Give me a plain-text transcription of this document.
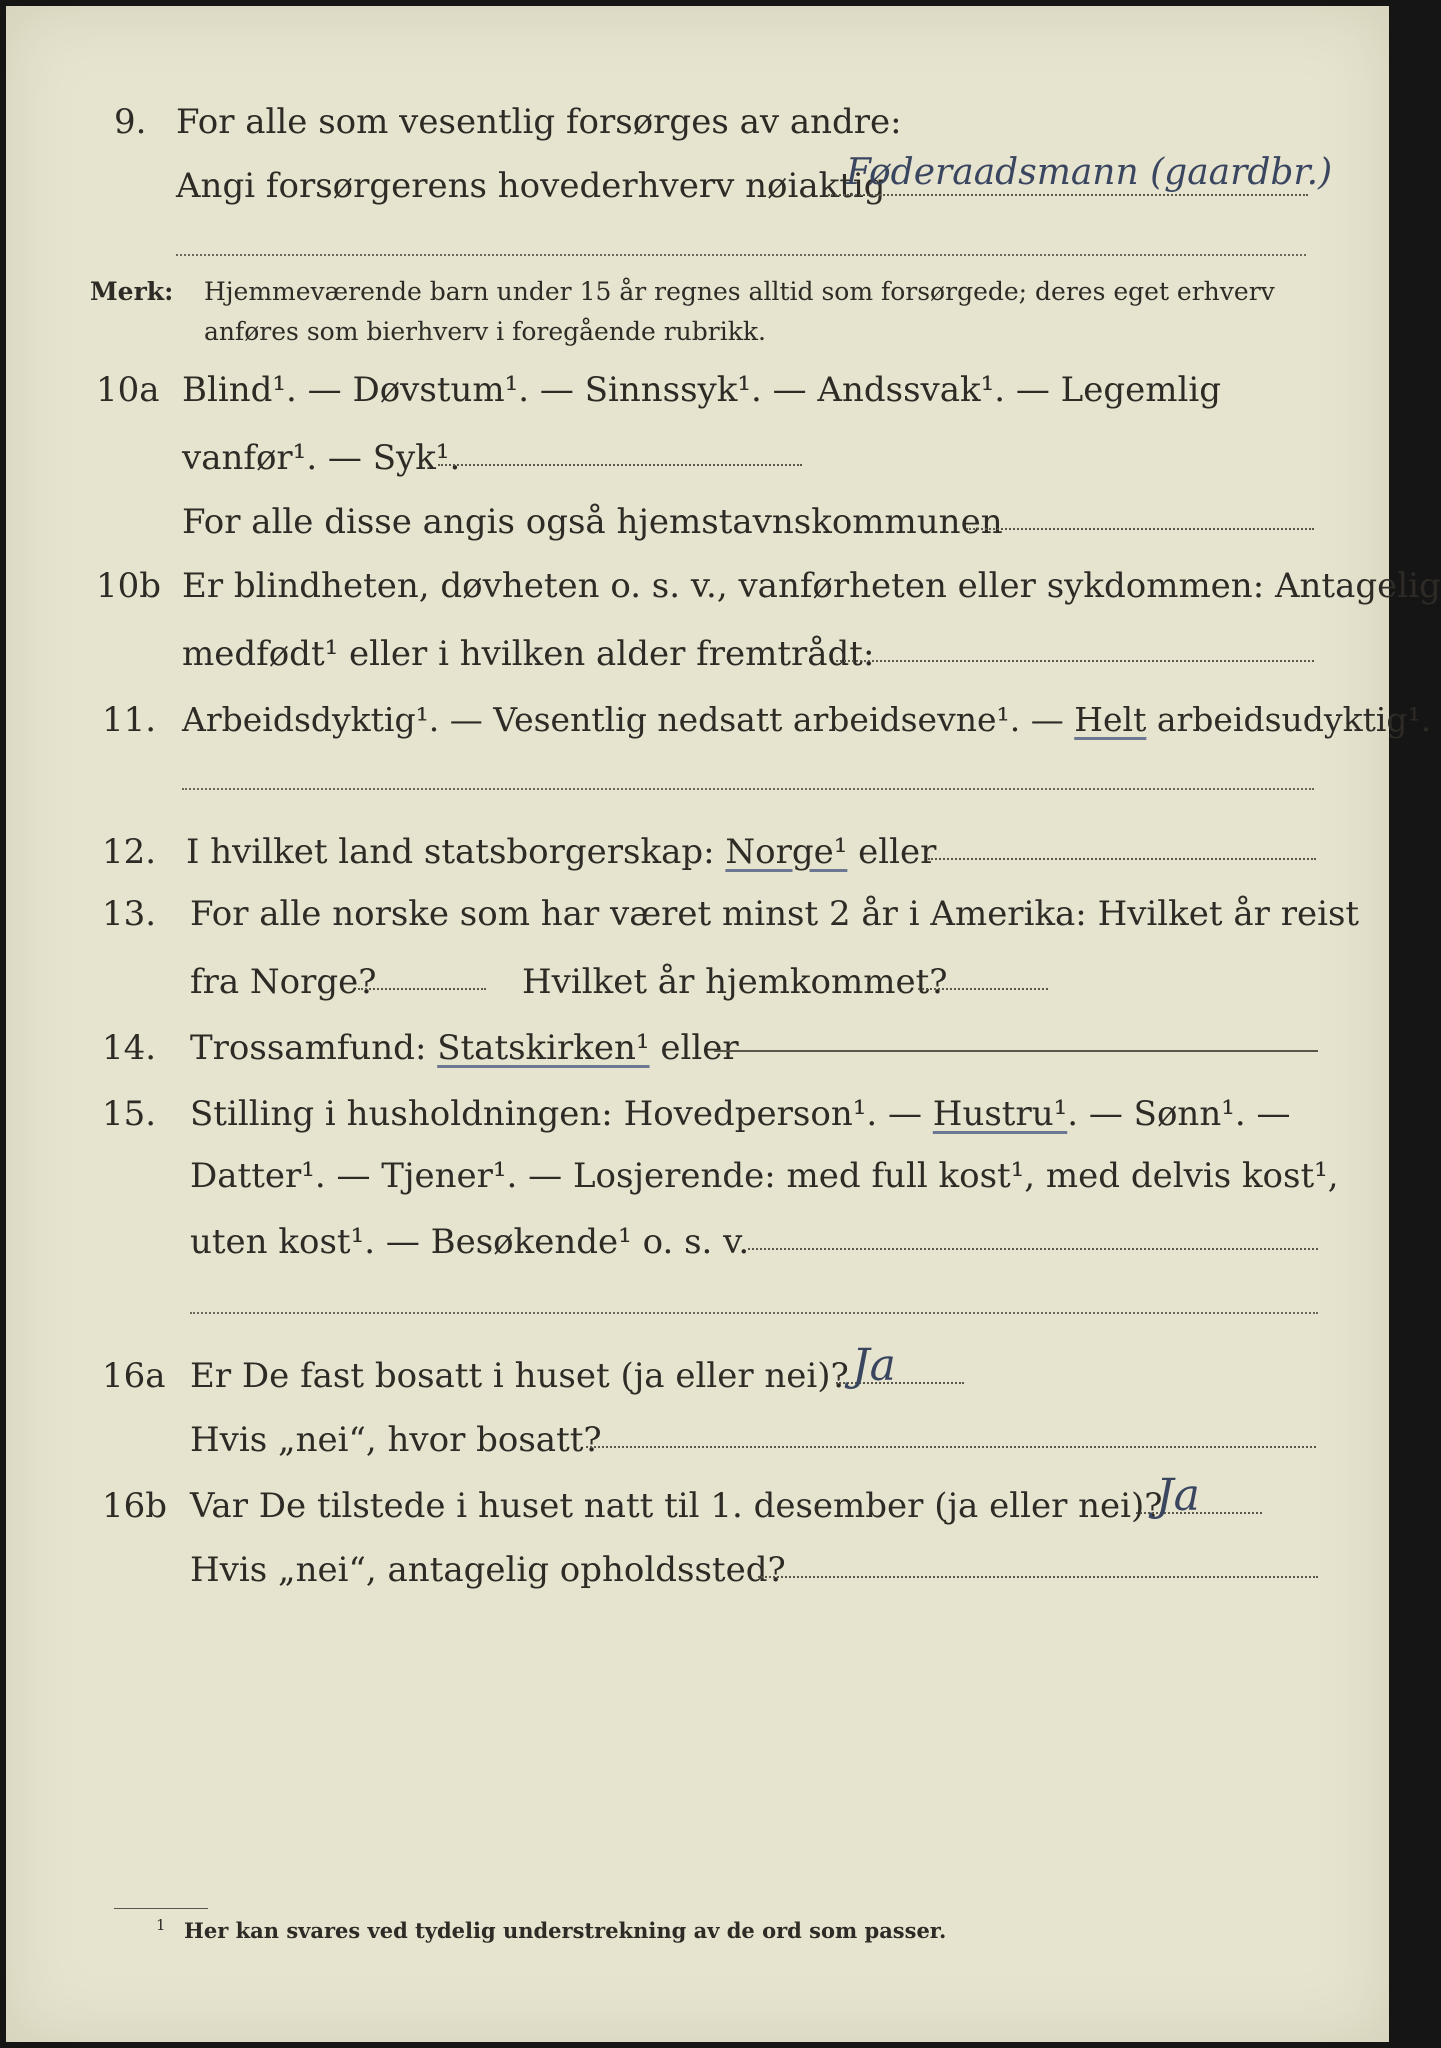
9. For alle som vesentlig forsørges av andre:
Angi forsørgerens hovederhverv nøiaktig
Føderaadsmann (gaardbr.)
Merk: Hjemmeværende barn under 15 år regnes alltid som forsørgede; deres eget erhverv
anføres som bierhverv i foregående rubrikk.
10a Blind¹. — Døvstum¹. — Sinnssyk¹. — Andssvak¹. — Legemlig
vanfør¹. — Syk¹.
For alle disse angis også hjemstavnskommunen
10b Er blindheten, døvheten o. s. v., vanførheten eller sykdommen: Antagelig
medfødt¹ eller i hvilken alder fremtrådt:
11. Arbeidsdyktig¹. — Vesentlig nedsatt arbeidsevne¹. — Helt arbeidsudyktig¹.
12. I hvilket land statsborgerskap: Norge¹ eller
13. For alle norske som har været minst 2 år i Amerika: Hvilket år reist
fra Norge?	Hvilket år hjemkommet?
14. Trossamfund: Statskirken¹ eller
15. Stilling i husholdningen: Hovedperson¹. — Hustru¹. — Sønn¹. —
Datter¹. — Tjener¹. — Losjerende: med full kost¹, med delvis kost¹,
uten kost¹. — Besøkende¹ o. s. v.
16a Er De fast bosatt i huset (ja eller nei)? Ja
Hvis „nei“, hvor bosatt?
16b Var De tilstede i huset natt til 1. desember (ja eller nei)?
Ja
Hvis „nei“, antagelig opholdssted?
1 Her kan svares ved tydelig understrekning av de ord som passer.
